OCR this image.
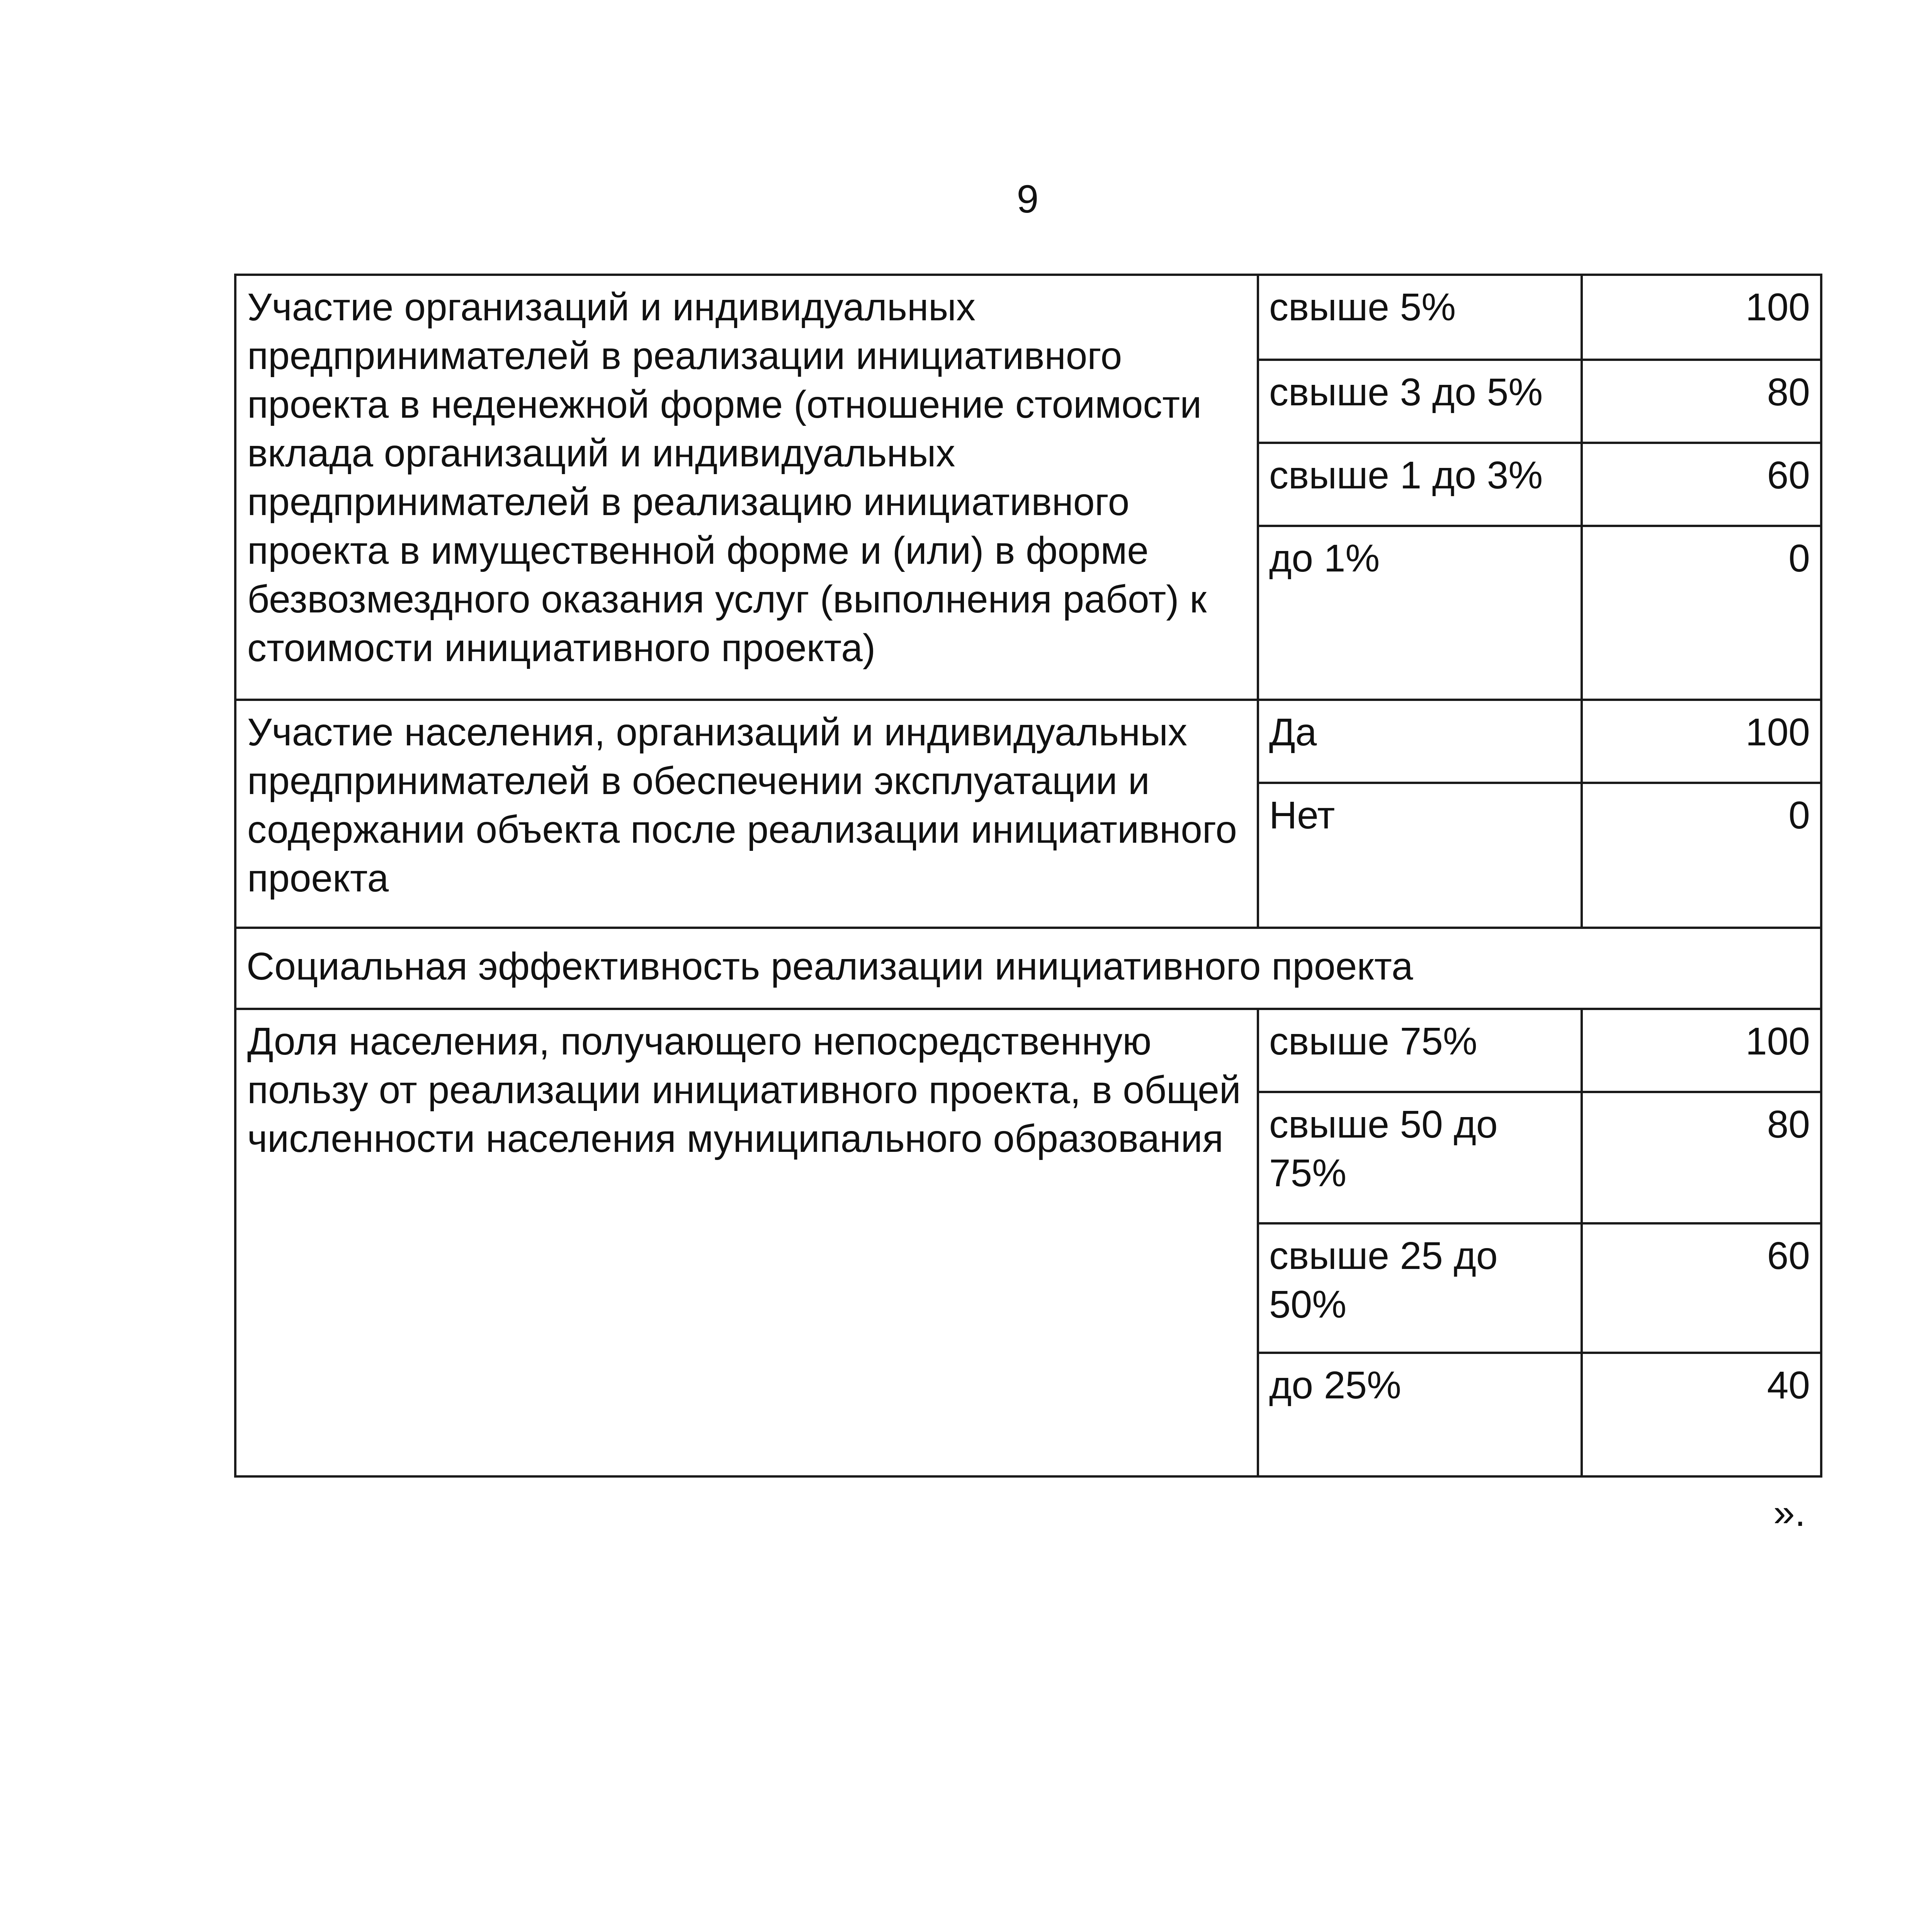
9
Участие организаций и индивидуальных предпринимателей в реализации инициативного проекта в неденежной форме (отношение стоимости вклада организаций и индивидуальных предпринимателей в реализацию инициативного проекта в имущественной форме и (или) в форме безвозмездного оказания услуг (выполнения работ) к стоимости инициативного проекта)	свыше 5%	100
	свыше 3 до 5%	80
	свыше 1 до 3%	60
	до 1%	0
Участие населения, организаций и индивидуальных предпринимателей в обеспечении эксплуатации и содержании объекта после реализации инициативного проекта	Да	100
	Нет	0
Социальная эффективность реализации инициативного проекта		
Доля населения, получающего непосредственную пользу от реализации инициативного проекта, в общей численности населения муниципального образования	свыше 75%	100
	свыше 50 до 75%	80
	свыше 25 до 50%	60
	до 25%	40
».
